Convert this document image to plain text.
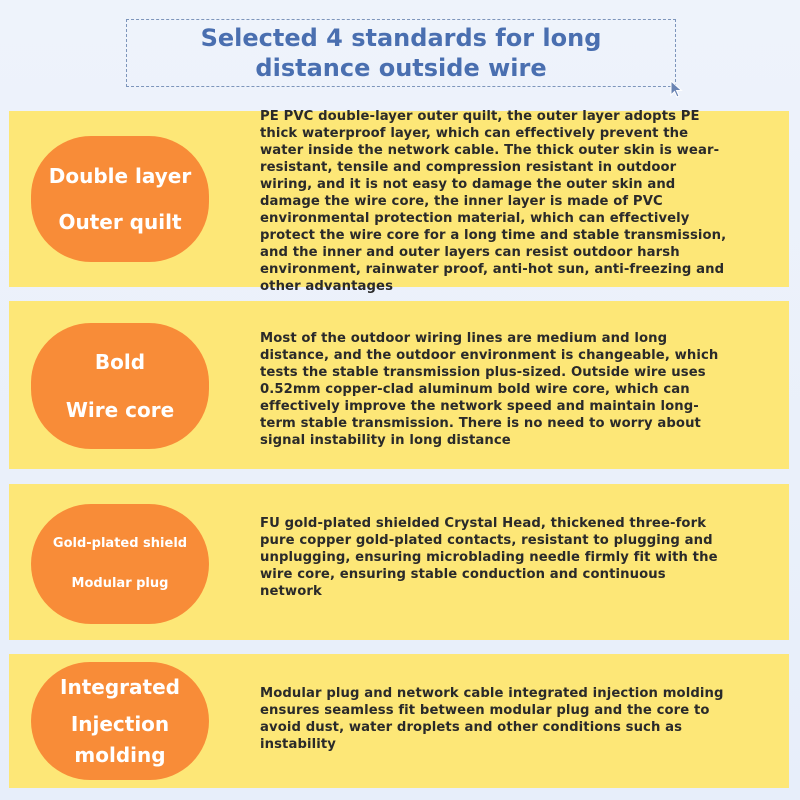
Selected 4 standards for long
distance outside wire
Double layer
Outer quilt
PE PVC double-layer outer quilt, the outer layer adopts PE thick waterproof layer, which can effectively prevent the water inside the network cable. The thick outer skin is wear-resistant, tensile and compression resistant in outdoor wiring, and it is not easy to damage the outer skin and damage the wire core, the inner layer is made of PVC environmental protection material, which can effectively protect the wire core for a long time and stable transmission, and the inner and outer layers can resist outdoor harsh environment, rainwater proof, anti-hot sun, anti-freezing and other advantages
Bold
Wire core
Most of the outdoor wiring lines are medium and long distance, and the outdoor environment is changeable, which tests the stable transmission plus-sized. Outside wire uses 0.52mm copper-clad aluminum bold wire core, which can effectively improve the network speed and maintain long-term stable transmission. There is no need to worry about signal instability in long distance
Gold-plated shield
Modular plug
FU gold-plated shielded Crystal Head, thickened three-fork pure copper gold-plated contacts, resistant to plugging and unplugging, ensuring microblading needle firmly fit with the wire core, ensuring stable conduction and continuous network
Integrated
Injection
molding
Modular plug and network cable integrated injection molding ensures seamless fit between modular plug and the core to avoid dust, water droplets and other conditions such as instability
